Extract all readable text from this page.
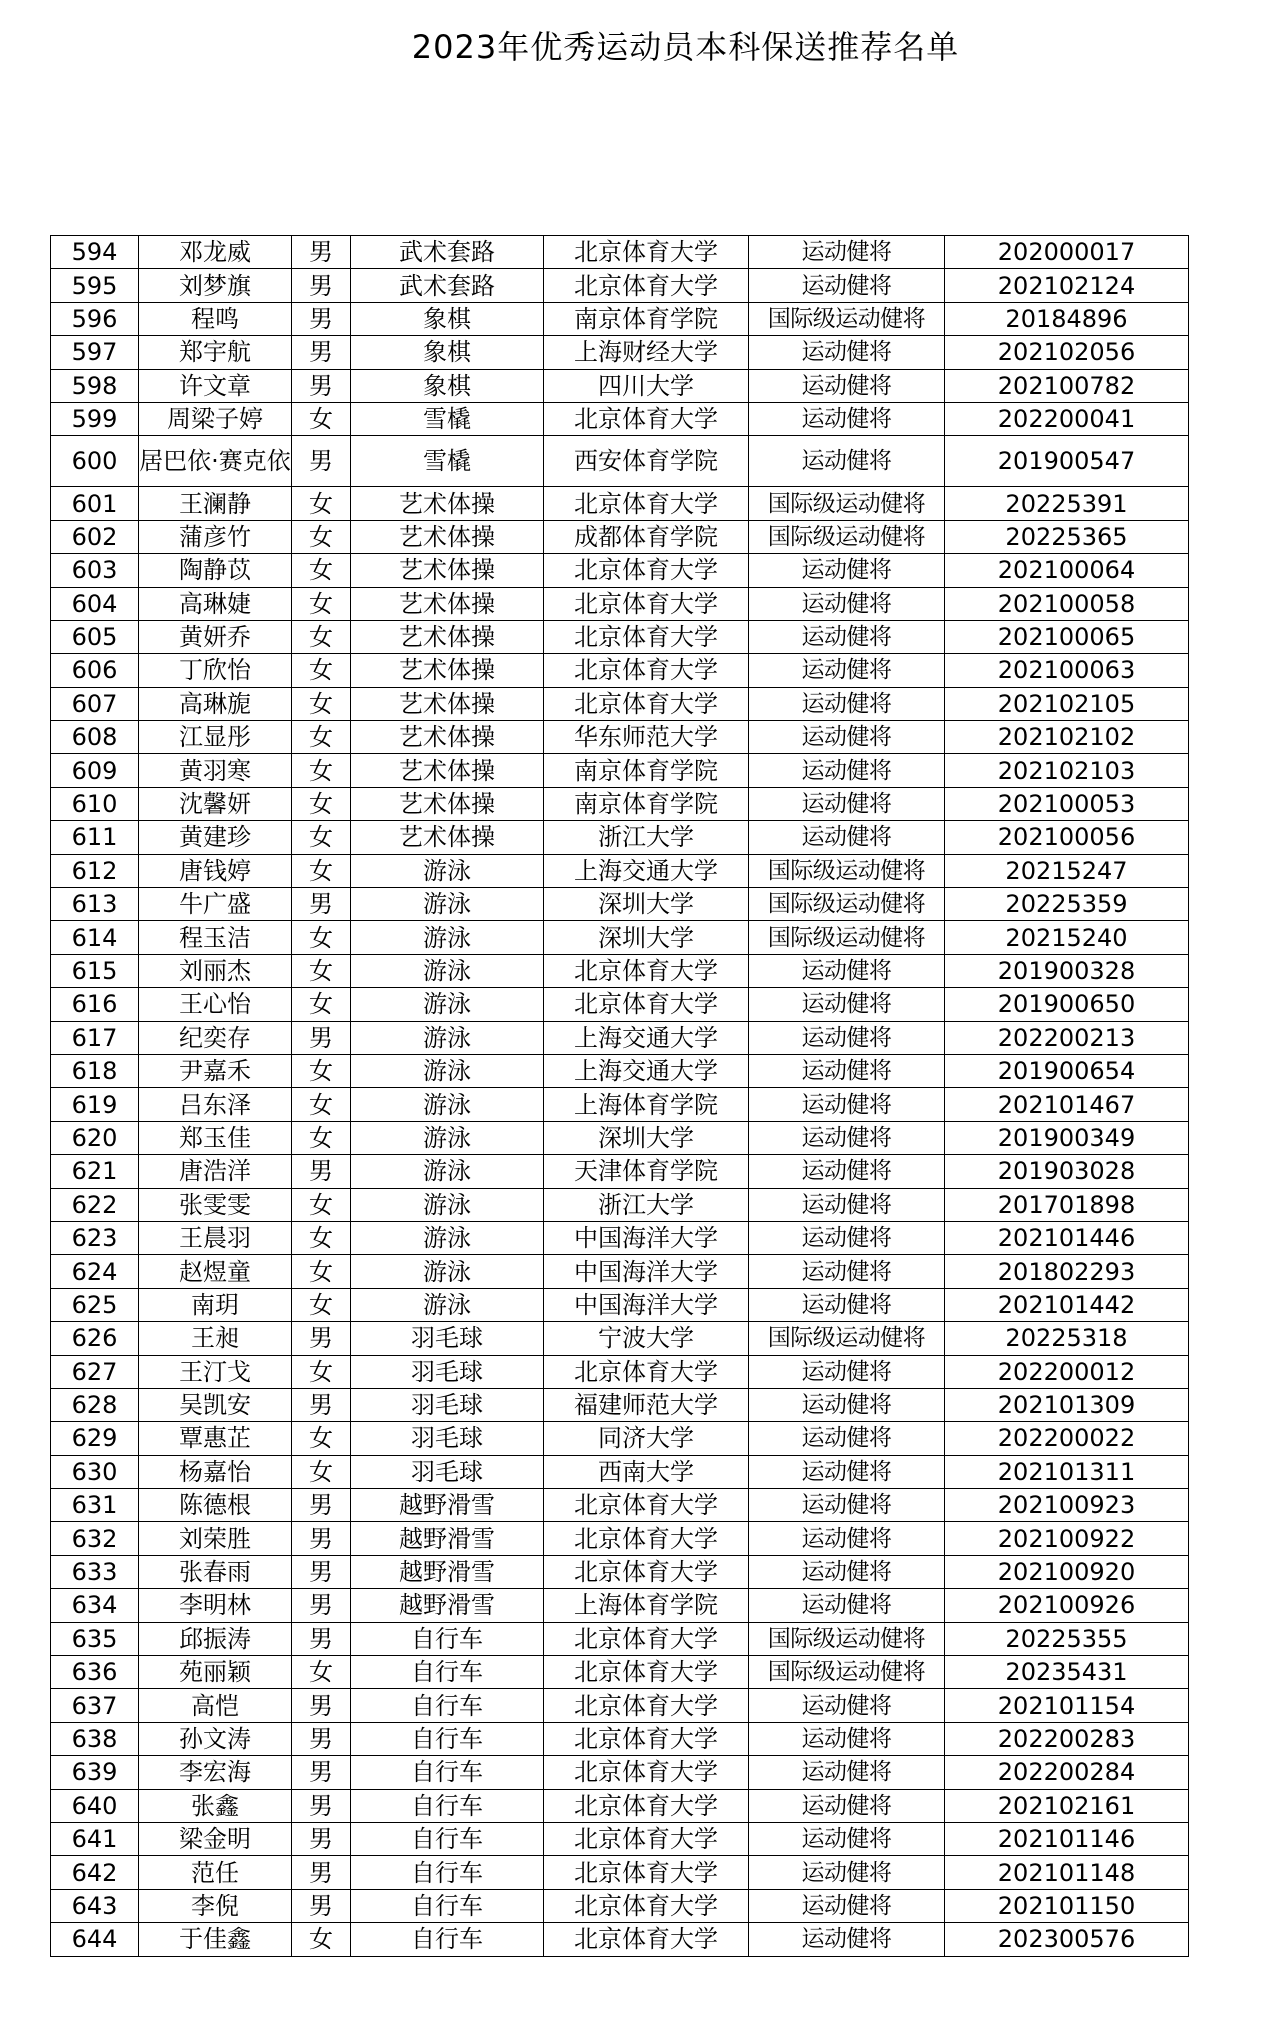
2023年优秀运动员本科保送推荐名单
594	邓龙威	男	武术套路	北京体育大学	运动健将	202000017
595	刘梦旗	男	武术套路	北京体育大学	运动健将	202102124
596	程鸣	男	象棋	南京体育学院	国际级运动健将	20184896
597	郑宇航	男	象棋	上海财经大学	运动健将	202102056
598	许文章	男	象棋	四川大学	运动健将	202100782
599	周梁子婷	女	雪橇	北京体育大学	运动健将	202200041
600	居巴依·赛克依	男	雪橇	西安体育学院	运动健将	201900547
601	王澜静	女	艺术体操	北京体育大学	国际级运动健将	20225391
602	蒲彦竹	女	艺术体操	成都体育学院	国际级运动健将	20225365
603	陶静苡	女	艺术体操	北京体育大学	运动健将	202100064
604	高琳婕	女	艺术体操	北京体育大学	运动健将	202100058
605	黄妍乔	女	艺术体操	北京体育大学	运动健将	202100065
606	丁欣怡	女	艺术体操	北京体育大学	运动健将	202100063
607	高琳旎	女	艺术体操	北京体育大学	运动健将	202102105
608	江显彤	女	艺术体操	华东师范大学	运动健将	202102102
609	黄羽寒	女	艺术体操	南京体育学院	运动健将	202102103
610	沈馨妍	女	艺术体操	南京体育学院	运动健将	202100053
611	黄建珍	女	艺术体操	浙江大学	运动健将	202100056
612	唐钱婷	女	游泳	上海交通大学	国际级运动健将	20215247
613	牛广盛	男	游泳	深圳大学	国际级运动健将	20225359
614	程玉洁	女	游泳	深圳大学	国际级运动健将	20215240
615	刘丽杰	女	游泳	北京体育大学	运动健将	201900328
616	王心怡	女	游泳	北京体育大学	运动健将	201900650
617	纪奕存	男	游泳	上海交通大学	运动健将	202200213
618	尹嘉禾	女	游泳	上海交通大学	运动健将	201900654
619	吕东泽	女	游泳	上海体育学院	运动健将	202101467
620	郑玉佳	女	游泳	深圳大学	运动健将	201900349
621	唐浩洋	男	游泳	天津体育学院	运动健将	201903028
622	张雯雯	女	游泳	浙江大学	运动健将	201701898
623	王晨羽	女	游泳	中国海洋大学	运动健将	202101446
624	赵煜童	女	游泳	中国海洋大学	运动健将	201802293
625	南玥	女	游泳	中国海洋大学	运动健将	202101442
626	王昶	男	羽毛球	宁波大学	国际级运动健将	20225318
627	王汀戈	女	羽毛球	北京体育大学	运动健将	202200012
628	吴凯安	男	羽毛球	福建师范大学	运动健将	202101309
629	覃惠芷	女	羽毛球	同济大学	运动健将	202200022
630	杨嘉怡	女	羽毛球	西南大学	运动健将	202101311
631	陈德根	男	越野滑雪	北京体育大学	运动健将	202100923
632	刘荣胜	男	越野滑雪	北京体育大学	运动健将	202100922
633	张春雨	男	越野滑雪	北京体育大学	运动健将	202100920
634	李明林	男	越野滑雪	上海体育学院	运动健将	202100926
635	邱振涛	男	自行车	北京体育大学	国际级运动健将	20225355
636	苑丽颖	女	自行车	北京体育大学	国际级运动健将	20235431
637	高恺	男	自行车	北京体育大学	运动健将	202101154
638	孙文涛	男	自行车	北京体育大学	运动健将	202200283
639	李宏海	男	自行车	北京体育大学	运动健将	202200284
640	张鑫	男	自行车	北京体育大学	运动健将	202102161
641	梁金明	男	自行车	北京体育大学	运动健将	202101146
642	范任	男	自行车	北京体育大学	运动健将	202101148
643	李倪	男	自行车	北京体育大学	运动健将	202101150
644	于佳鑫	女	自行车	北京体育大学	运动健将	202300576
